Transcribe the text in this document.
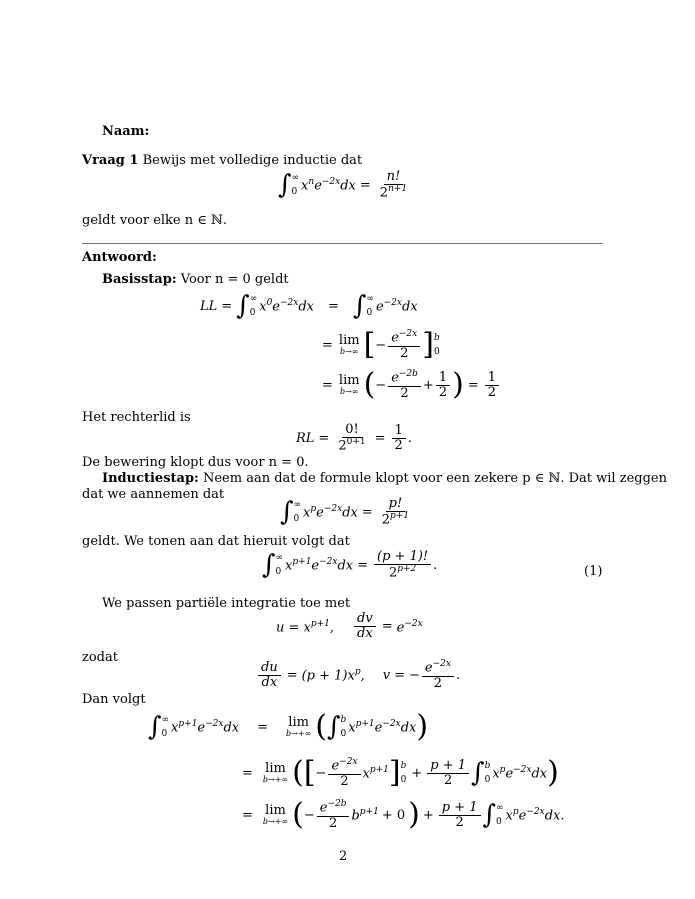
Naam:
Vraag 1 Bewijs met volledige inductie dat
∫ ∞
0 $x^ne^{-2x}dx = \frac{n!}{2^{n+1}}$
geldt voor elke n ∈ ℕ.
Antwoord:
Basisstap: Voor n = 0 geldt
LL = ∫ ∞
0 $x^0e^{-2x}dx$ = ∫ ∞
0 $e^{-2x}dx$
= lim
b→∞ [ − $\frac{e^{-2x}}{2}$ ] b
0
= lim
b→∞ ( − $\frac{e^{-2b}}{2} + \frac{1}{2}$ ) = $\frac{1}{2}$
Het rechterlid is
RL = $\frac{0!}{2^{0+1}} = \frac{1}{2}$ .
De bewering klopt dus voor n = 0.
Inductiestap: Neem aan dat de formule klopt voor een zekere p ∈ ℕ. Dat wil zeggen
dat we aannemen dat
∫ ∞
0 $x^pe^{-2x}dx = \frac{p!}{2^{p+1}}$
geldt. We tonen aan dat hieruit volgt dat
∫ ∞
0 $x^{p+1}e^{-2x}dx = \frac{(p + 1)!}{2^{p+2}}$ .	(1)
We passen partiële integratie toe met
$u = x^{p+1}$, $\frac{dv}{dx} = e^{-2x}$
zodat
$\frac{du}{dx} = (p + 1)x^p$, v = − $\frac{e^{-2x}}{2}$ .
Dan volgt
∫ ∞
0 $x^{p+1}e^{-2x}dx = \lim$
b→+∞ ( ∫ b
0 $x^{p+1}e^{-2x}dx$ )
= lim
b→+∞ ( [ − $\frac{e^{-2x}}{2} x^{p+1}$ ] b
$0 + \frac{p + 1}{2}$ ∫ b
0 $x^pe^{-2x}dx$ )
= lim
b→+∞ ( − $\frac{e^{-2b}}{2} b^{p+1} + 0$ ) + $\frac{p + 1}{2}$ ∫ ∞
0 $x^pe^{-2x}dx$.
2
